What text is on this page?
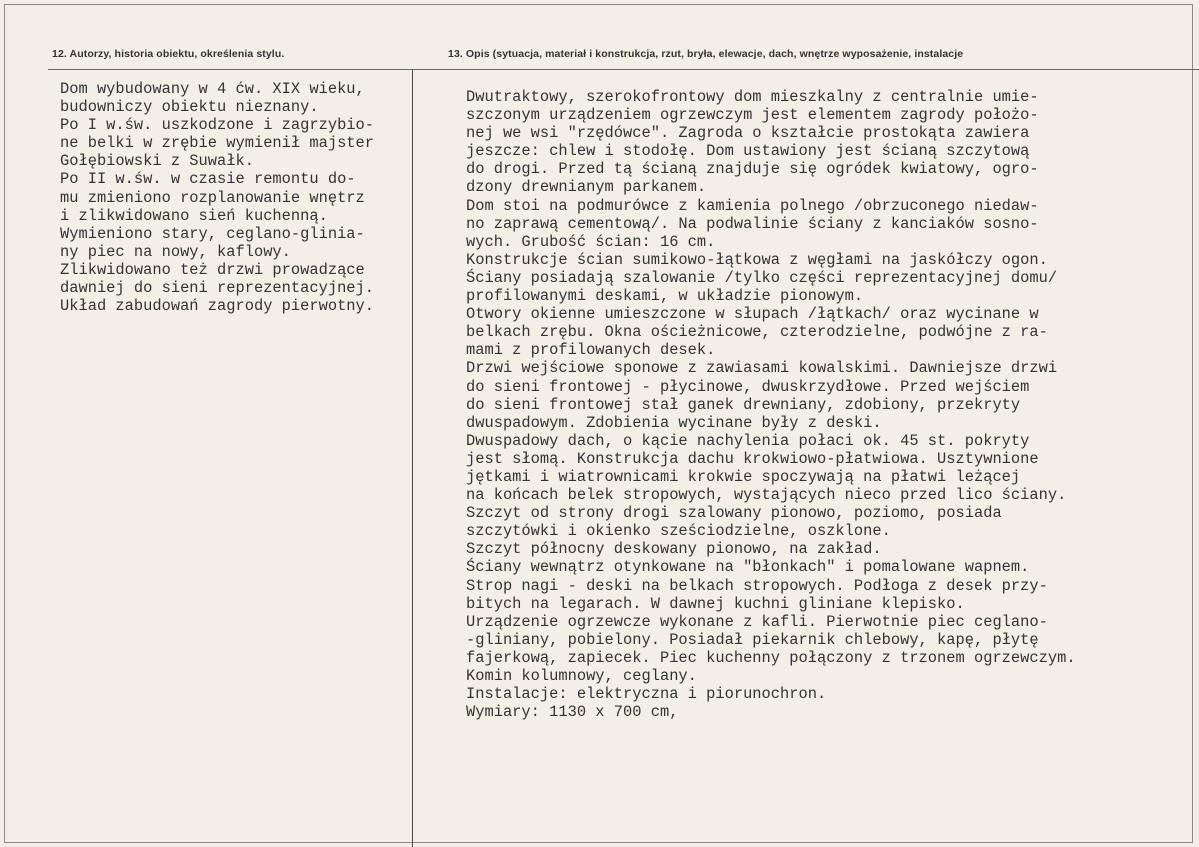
12. Autorzy, historia obiektu, określenia stylu.	13. Opis (sytuacja, materiał i konstrukcja, rzut, bryła, elewacje, dach, wnętrze wyposażenie, instalacje
Dom wybudowany w 4 ćw. XIX wieku,
budowniczy obiektu nieznany.
Po I w.św. uszkodzone i zagrzybio-
ne belki w zrębie wymienił majster
Gołębiowski z Suwałk.
Po II w.św. w czasie remontu do-
mu zmieniono rozplanowanie wnętrz
i zlikwidowano sień kuchenną.
Wymieniono stary, ceglano-glinia-
ny piec na nowy, kaflowy.
Zlikwidowano też drzwi prowadzące
dawniej do sieni reprezentacyjnej.
Układ zabudowań zagrody pierwotny.
Dwutraktowy, szerokofrontowy dom mieszkalny z centralnie umie-
szczonym urządzeniem ogrzewczym jest elementem zagrody położo-
nej we wsi "rzędówce". Zagroda o kształcie prostokąta zawiera
jeszcze: chlew i stodołę. Dom ustawiony jest ścianą szczytową
do drogi. Przed tą ścianą znajduje się ogródek kwiatowy, ogro-
dzony drewnianym parkanem.
Dom stoi na podmurówce z kamienia polnego /obrzuconego niedaw-
no zaprawą cementową/. Na podwalinie ściany z kanciaków sosno-
wych. Grubość ścian: 16 cm.
Konstrukcje ścian sumikowo-łątkowa z węgłami na jaskółczy ogon.
Ściany posiadają szalowanie /tylko części reprezentacyjnej domu/
profilowanymi deskami, w układzie pionowym.
Otwory okienne umieszczone w słupach /łątkach/ oraz wycinane w
belkach zrębu. Okna ościeżnicowe, czterodzielne, podwójne z ra-
mami z profilowanych desek.
Drzwi wejściowe sponowe z zawiasami kowalskimi. Dawniejsze drzwi
do sieni frontowej - płycinowe, dwuskrzydłowe. Przed wejściem
do sieni frontowej stał ganek drewniany, zdobiony, przekryty
dwuspadowym. Zdobienia wycinane były z deski.
Dwuspadowy dach, o kącie nachylenia połaci ok. 45 st. pokryty
jest słomą. Konstrukcja dachu krokwiowo-płatwiowa. Usztywnione
jętkami i wiatrownicami krokwie spoczywają na płatwi leżącej
na końcach belek stropowych, wystających nieco przed lico ściany.
Szczyt od strony drogi szalowany pionowo, poziomo, posiada
szczytówki i okienko sześciodzielne, oszklone.
Szczyt północny deskowany pionowo, na zakład.
Ściany wewnątrz otynkowane na "błonkach" i pomalowane wapnem.
Strop nagi - deski na belkach stropowych. Podłoga z desek przy-
bitych na legarach. W dawnej kuchni gliniane klepisko.
Urządzenie ogrzewcze wykonane z kafli. Pierwotnie piec ceglano-
-gliniany, pobielony. Posiadał piekarnik chlebowy, kapę, płytę
fajerkową, zapiecek. Piec kuchenny połączony z trzonem ogrzewczym.
Komin kolumnowy, ceglany.
Instalacje: elektryczna i piorunochron.
Wymiary: 1130 x 700 cm,
